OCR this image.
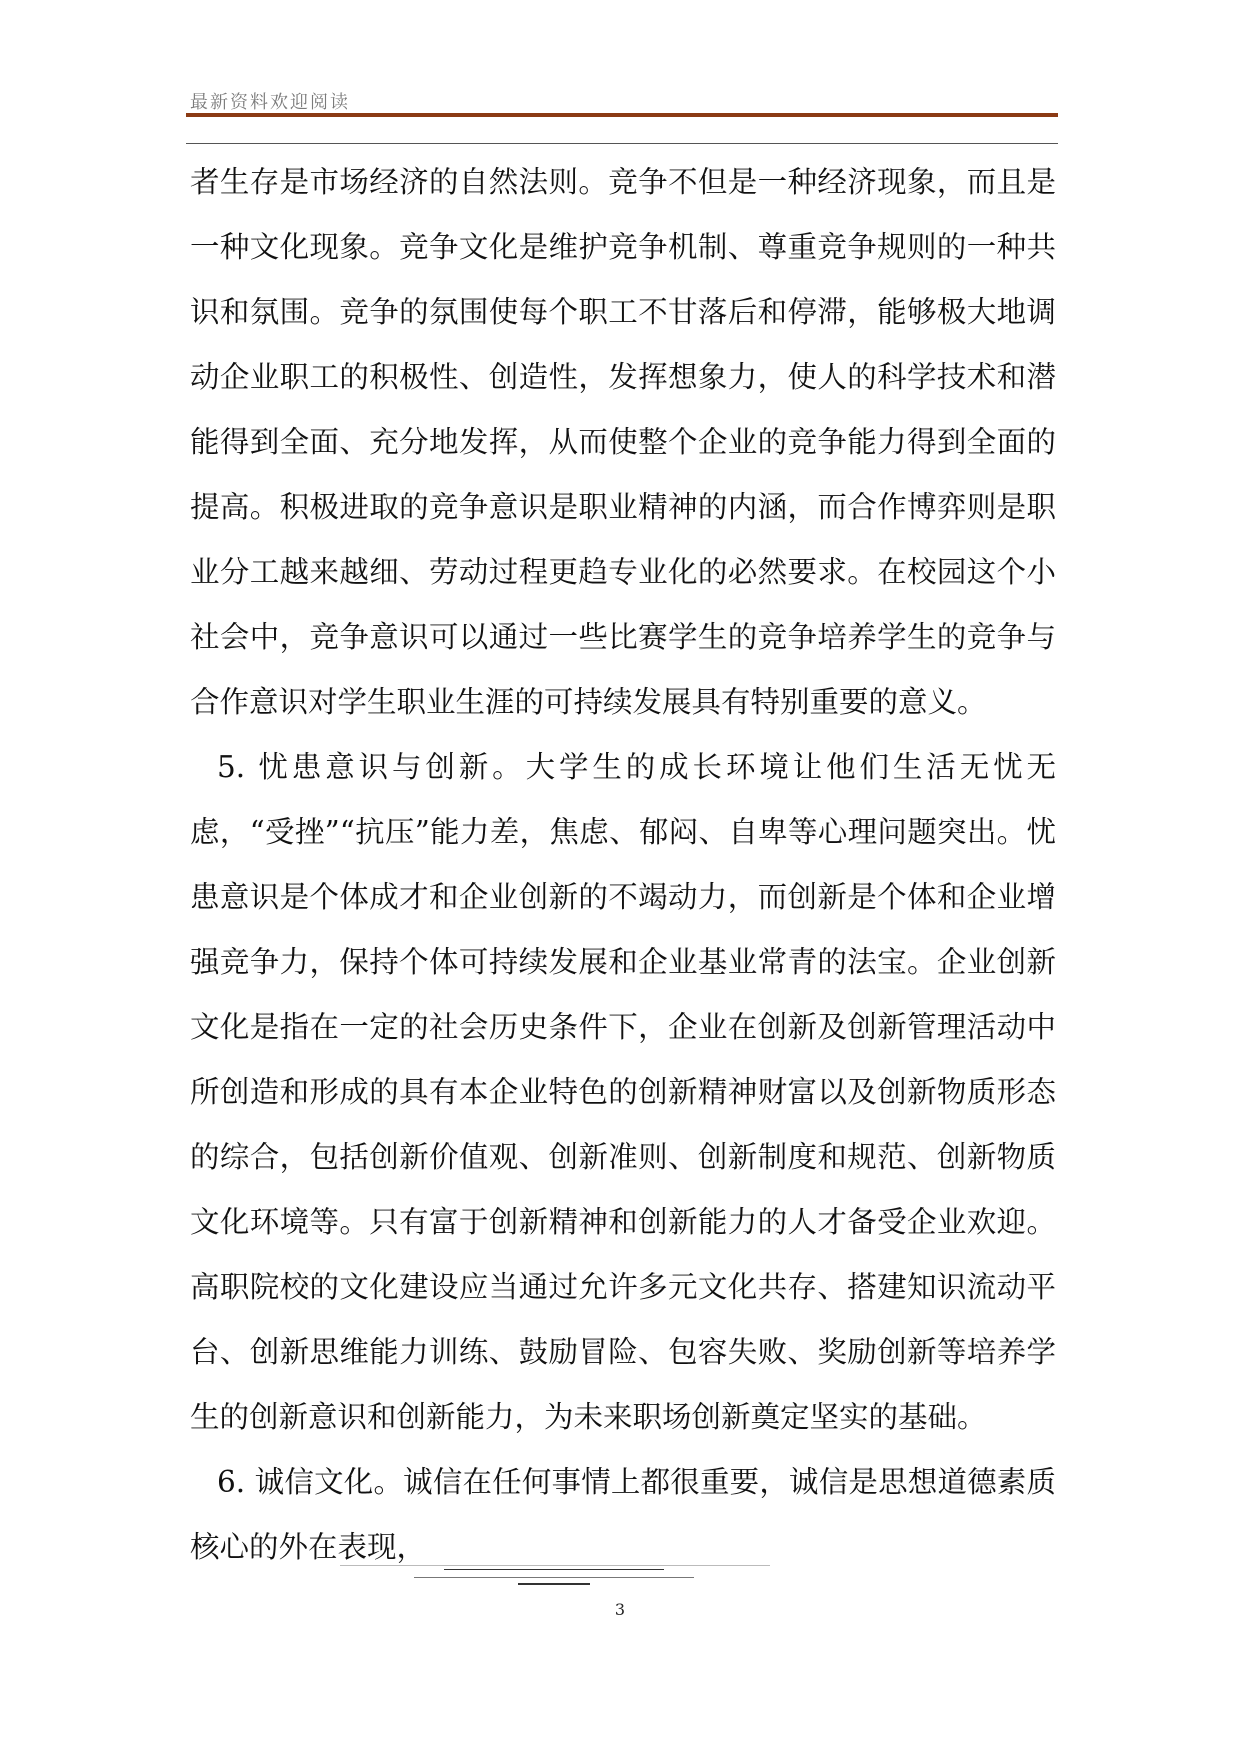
最新资料欢迎阅读

者生存是市场经济的自然法则。竞争不但是一种经济现象，而且是一种文化现象。竞争文化是维护竞争机制、尊重竞争规则的一种共识和氛围。竞争的氛围使每个职工不甘落后和停滞，能够极大地调动企业职工的积极性、创造性，发挥想象力，使人的科学技术和潜能得到全面、充分地发挥，从而使整个企业的竞争能力得到全面的提高。积极进取的竞争意识是职业精神的内涵，而合作博弈则是职业分工越来越细、劳动过程更趋专业化的必然要求。在校园这个小社会中，竞争意识可以通过一些比赛学生的竞争培养学生的竞争与合作意识对学生职业生涯的可持续发展具有特别重要的意义。

5. 忧患意识与创新。大学生的成长环境让他们生活无忧无虑，“受挫”“抗压”能力差，焦虑、郁闷、自卑等心理问题突出。忧患意识是个体成才和企业创新的不竭动力，而创新是个体和企业增强竞争力，保持个体可持续发展和企业基业常青的法宝。企业创新文化是指在一定的社会历史条件下，企业在创新及创新管理活动中所创造和形成的具有本企业特色的创新精神财富以及创新物质形态的综合，包括创新价值观、创新准则、创新制度和规范、创新物质文化环境等。只有富于创新精神和创新能力的人才备受企业欢迎。高职院校的文化建设应当通过允许多元文化共存、搭建知识流动平台、创新思维能力训练、鼓励冒险、包容失败、奖励创新等培养学生的创新意识和创新能力，为未来职场创新奠定坚实的基础。

6. 诚信文化。诚信在任何事情上都很重要，诚信是思想道德素质核心的外在表现，

3
